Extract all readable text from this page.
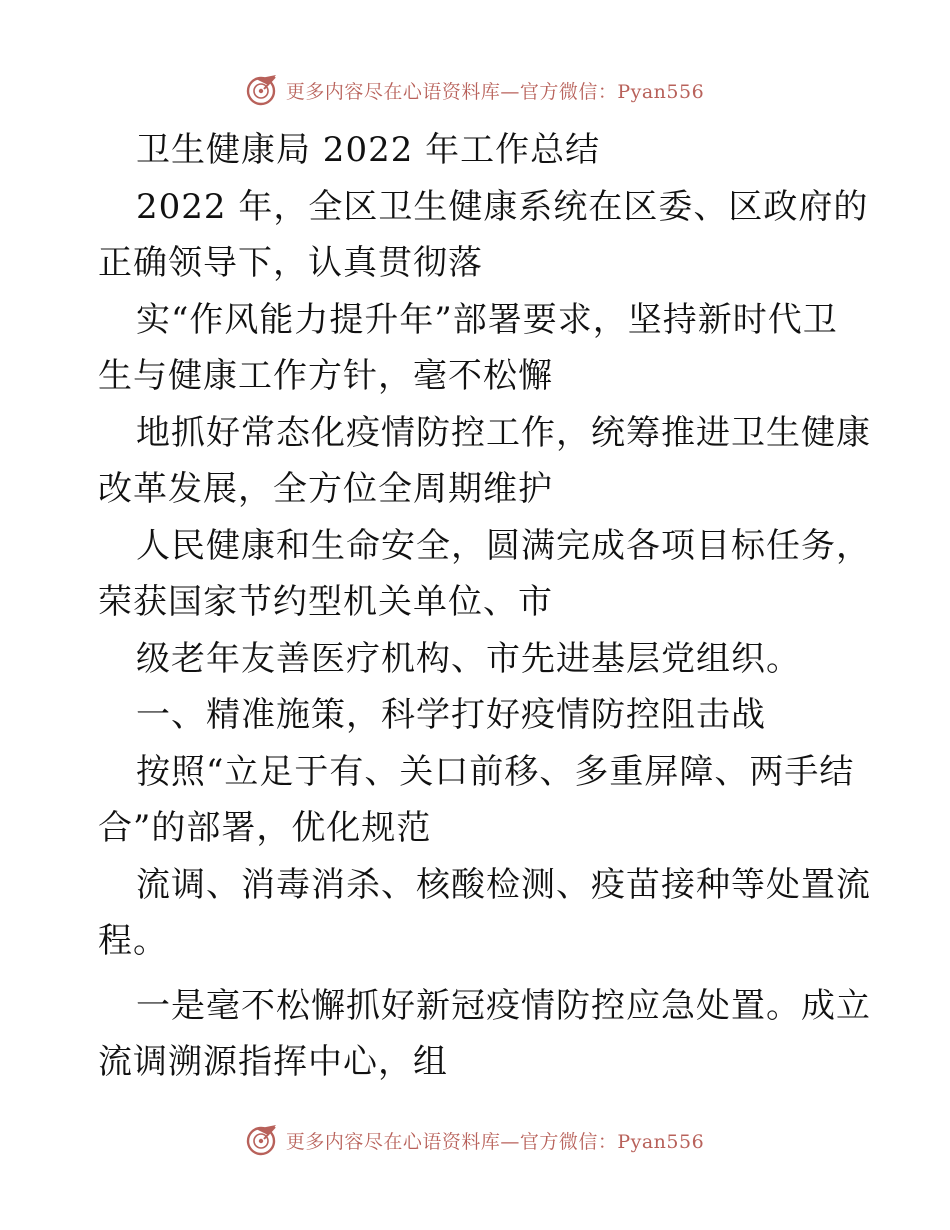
更多内容尽在心语资料库—官方微信：Pyan556
卫生健康局 2022 年工作总结
2022 年，全区卫生健康系统在区委、区政府的
正确领导下，认真贯彻落
实“作风能力提升年”部署要求，坚持新时代卫
生与健康工作方针，毫不松懈
地抓好常态化疫情防控工作，统筹推进卫生健康
改革发展，全方位全周期维护
人民健康和生命安全，圆满完成各项目标任务，
荣获国家节约型机关单位、市
级老年友善医疗机构、市先进基层党组织。
一、精准施策，科学打好疫情防控阻击战
按照“立足于有、关口前移、多重屏障、两手结
合”的部署，优化规范
流调、消毒消杀、核酸检测、疫苗接种等处置流
程。
一是毫不松懈抓好新冠疫情防控应急处置。成立
流调溯源指挥中心，组
更多内容尽在心语资料库—官方微信：Pyan556
